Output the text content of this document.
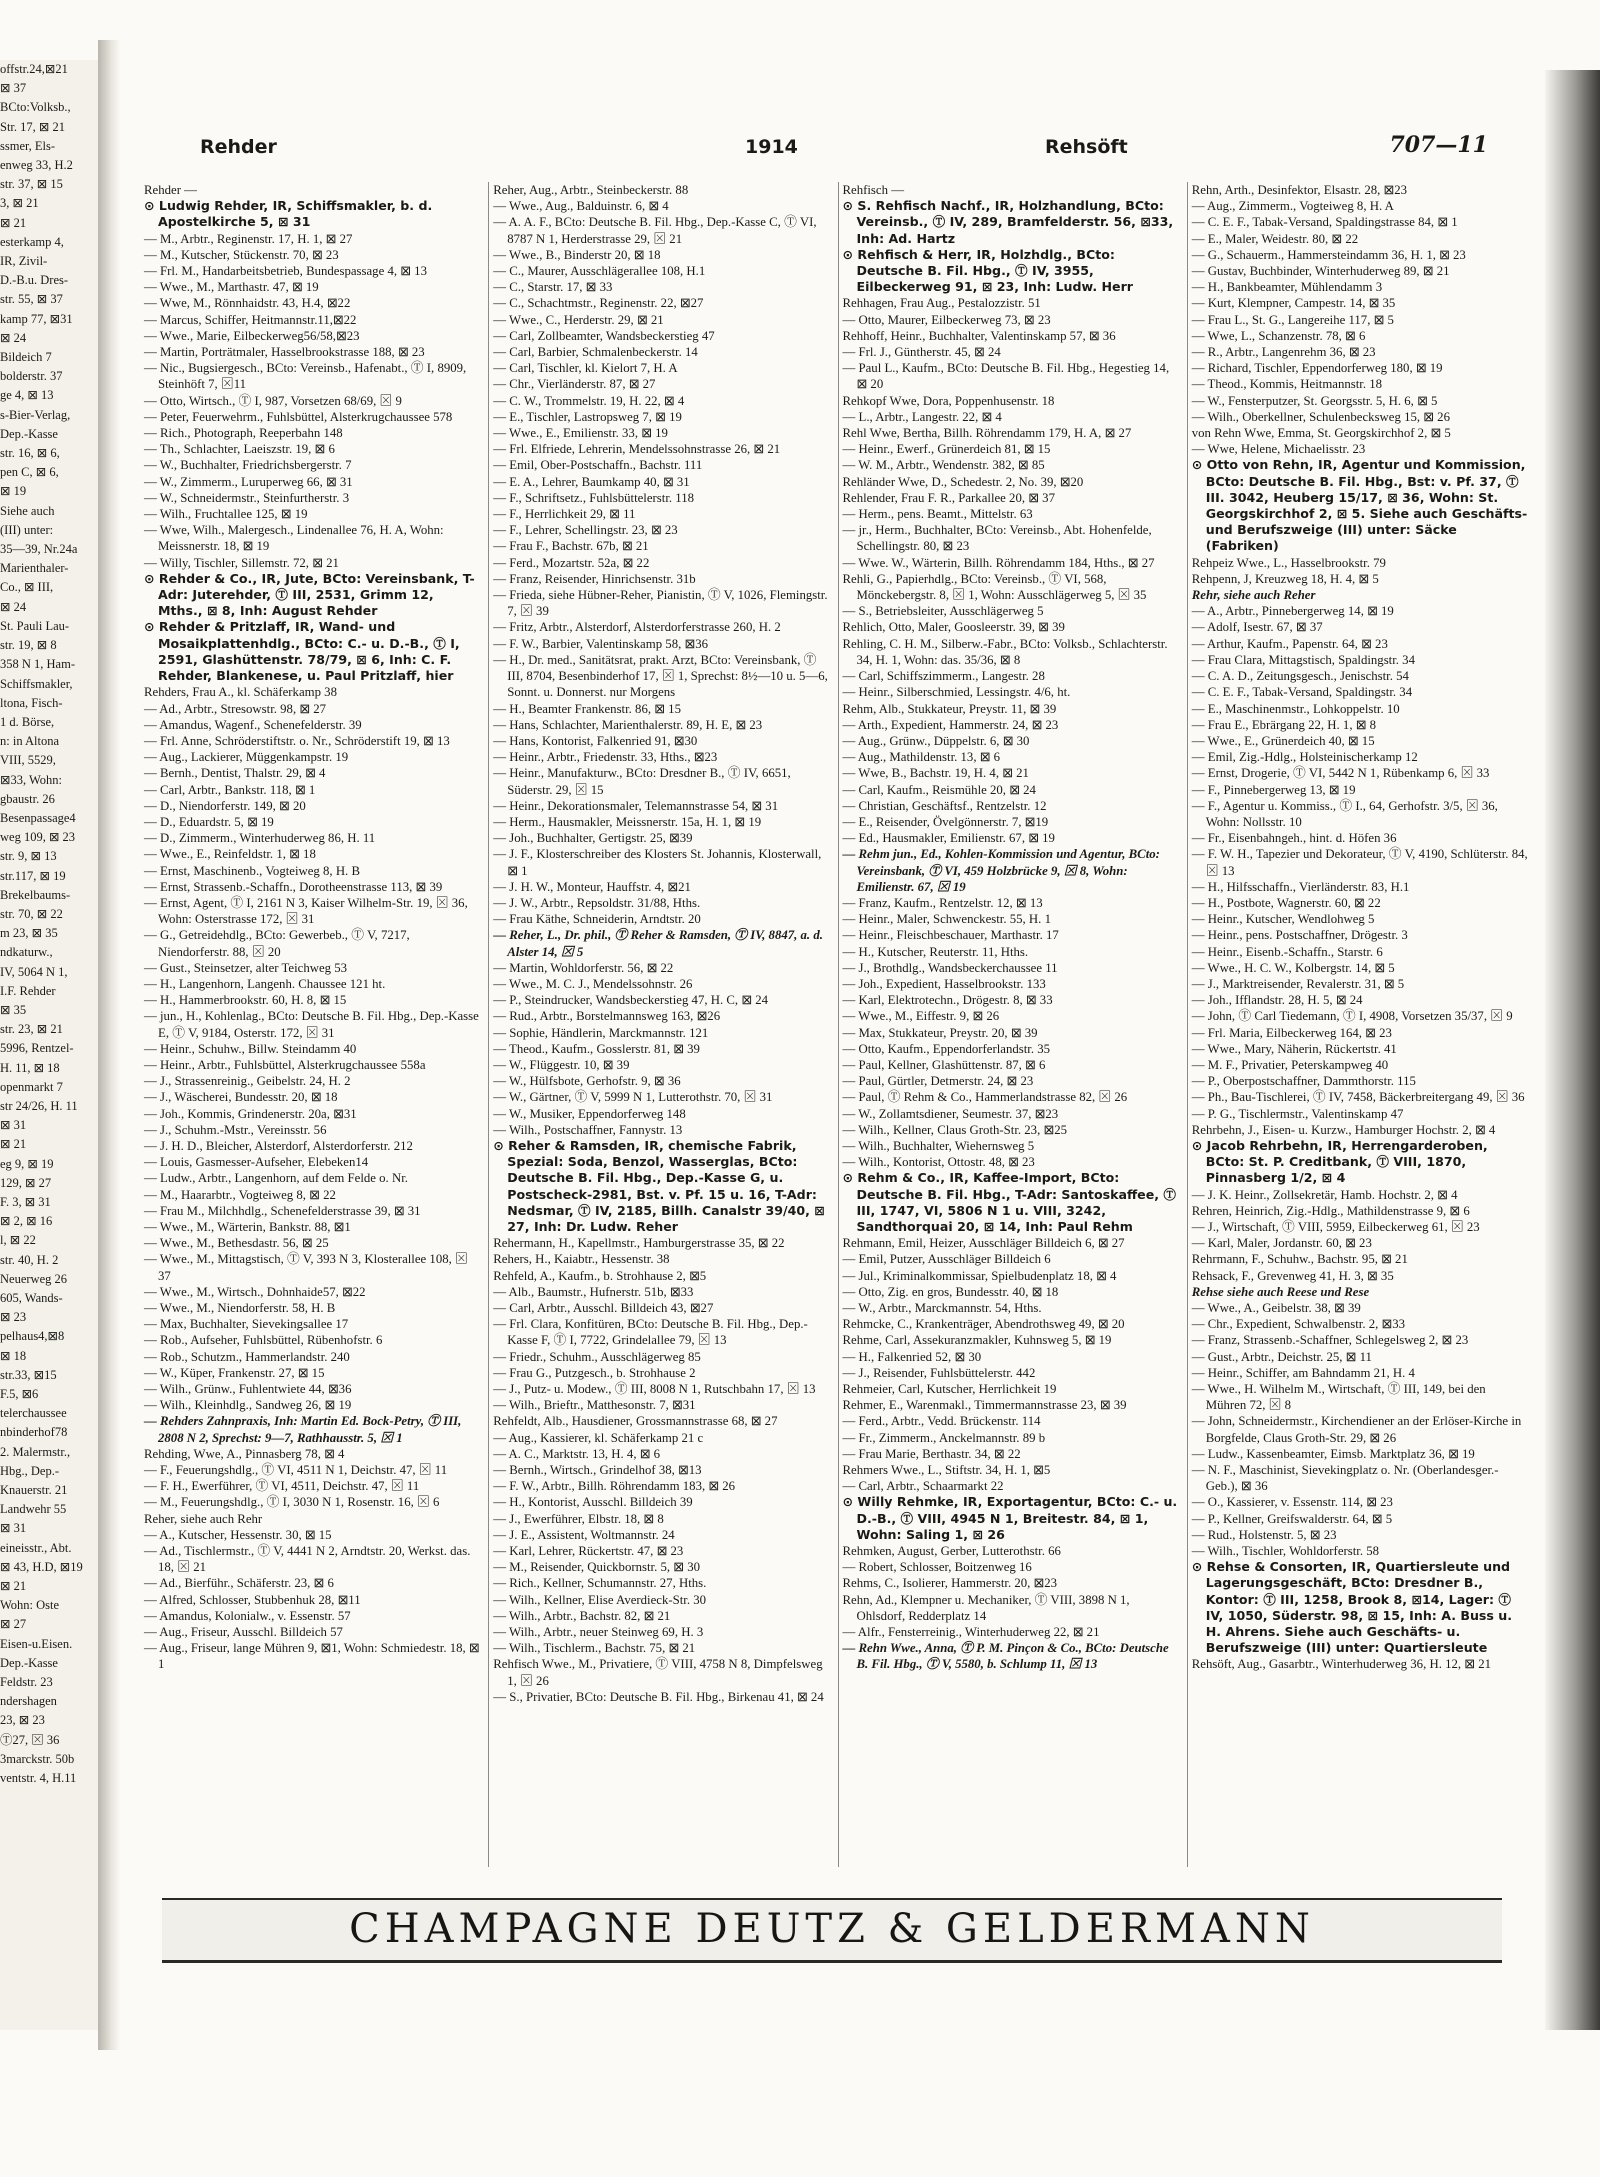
offstr.24,⊠21
⊠ 37
BCto:Volksb.,
Str. 17, ⊠ 21
ssmer, Els-
enweg 33, H.2
str. 37, ⊠ 15
3, ⊠ 21
⊠ 21
esterkamp 4,
IR, Zivil-
D.-B.u. Dres-
str. 55, ⊠ 37
kamp 77, ⊠31
⊠ 24
Bildeich 7
bolderstr. 37
ge 4, ⊠ 13
s-Bier-Verlag,
Dep.-Kasse
str. 16, ⊠ 6,
pen C, ⊠ 6,
⊠ 19
Siehe auch
(III) unter:
35—39, Nr.24a
Marienthaler-
Co., ⊠ III,
⊠ 24
St. Pauli Lau-
str. 19, ⊠ 8
358 N 1, Ham-
Schiffsmakler,
ltona, Fisch-
1 d. Börse,
n: in Altona
VIII, 5529,
⊠33, Wohn:
gbaustr. 26
Besenpassage4
weg 109, ⊠ 23
str. 9, ⊠ 13
str.117, ⊠ 19
Brekelbaums-
str. 70, ⊠ 22
m 23, ⊠ 35
ndkaturw.,
IV, 5064 N 1,
I.F. Rehder
⊠ 35
str. 23, ⊠ 21
5996, Rentzel-
H. 11, ⊠ 18
openmarkt 7
str 24/26, H. 11
⊠ 31
⊠ 21
eg 9, ⊠ 19
129, ⊠ 27
F. 3, ⊠ 31
⊠ 2, ⊠ 16
l, ⊠ 22
str. 40, H. 2
Neuerweg 26
605, Wands-
⊠ 23
pelhaus4,⊠8
⊠ 18
str.33, ⊠15
F.5, ⊠6
telerchaussee
nbinderhof78
2. Malermstr.,
Hbg., Dep.-
Knauerstr. 21
Landwehr 55
⊠ 31
eineisstr., Abt.
⊠ 43, H.D, ⊠19
⊠ 21
Wohn: Oste
⊠ 27
Eisen-u.Eisen.
Dep.-Kasse
Feldstr. 23
ndershagen
23, ⊠ 23
Ⓣ27, ⊠ 36
3marckstr. 50b
ventstr. 4, H.11
Rehder	1914	Rehsöft	707—11

Rehder —

⊙ Ludwig Rehder, IR, Schiffsmakler, b. d. Apostelkirche 5, ⊠ 31

— M., Arbtr., Reginenstr. 17, H. 1, ⊠ 27

— M., Kutscher, Stückenstr. 70, ⊠ 23

— Frl. M., Handarbeitsbetrieb, Bundespassage 4, ⊠ 13

— Wwe., M., Marthastr. 47, ⊠ 19

— Wwe, M., Rönnhaidstr. 43, H.4, ⊠22

— Marcus, Schiffer, Heitmannstr.11,⊠22

— Wwe., Marie, Eilbeckerweg56/58,⊠23

— Martin, Porträtmaler, Hasselbrookstrasse 188, ⊠ 23

— Nic., Bugsiergesch., BCto: Vereinsb., Hafenabt., Ⓣ I, 8909, Steinhöft 7, ⊠11

— Otto, Wirtsch., Ⓣ I, 987, Vorsetzen 68/69, ⊠ 9

— Peter, Feuerwehrm., Fuhlsbüttel, Alsterkrugchaussee 578

— Rich., Photograph, Reeperbahn 148

— Th., Schlachter, Laeiszstr. 19, ⊠ 6

— W., Buchhalter, Friedrichsbergerstr. 7

— W., Zimmerm., Luruperweg 66, ⊠ 31

— W., Schneidermstr., Steinfurtherstr. 3

— Wilh., Fruchtallee 125, ⊠ 19

— Wwe, Wilh., Malergesch., Lindenallee 76, H. A, Wohn: Meissnerstr. 18, ⊠ 19

— Willy, Tischler, Sillemstr. 72, ⊠ 21

⊙ Rehder & Co., IR, Jute, BCto: Vereinsbank, T-Adr: Juterehder, Ⓣ III, 2531, Grimm 12, Mths., ⊠ 8, Inh: August Rehder

⊙ Rehder & Pritzlaff, IR, Wand- und Mosaikplattenhdlg., BCto: C.- u. D.-B., Ⓣ I, 2591, Glashüttenstr. 78/79, ⊠ 6, Inh: C. F. Rehder, Blankenese, u. Paul Pritzlaff, hier

Rehders, Frau A., kl. Schäferkamp 38

— Ad., Arbtr., Stresowstr. 98, ⊠ 27

— Amandus, Wagenf., Schenefelderstr. 39

— Frl. Anne, Schröderstiftstr. o. Nr., Schröderstift 19, ⊠ 13

— Aug., Lackierer, Müggenkampstr. 19

— Bernh., Dentist, Thalstr. 29, ⊠ 4

— Carl, Arbtr., Bankstr. 118, ⊠ 1

— D., Niendorferstr. 149, ⊠ 20

— D., Eduardstr. 5, ⊠ 19

— D., Zimmerm., Winterhuderweg 86, H. 11

— Wwe., E., Reinfeldstr. 1, ⊠ 18

— Ernst, Maschinenb., Vogteiweg 8, H. B

— Ernst, Strassenb.-Schaffn., Dorotheenstrasse 113, ⊠ 39

— Ernst, Agent, Ⓣ I, 2161 N 3, Kaiser Wilhelm-Str. 19, ⊠ 36, Wohn: Osterstrasse 172, ⊠ 31

— G., Getreidehdlg., BCto: Gewerbeb., Ⓣ V, 7217, Niendorferstr. 88, ⊠ 20

— Gust., Steinsetzer, alter Teichweg 53

— H., Langenhorn, Langenh. Chaussee 121 ht.

— H., Hammerbrookstr. 60, H. 8, ⊠ 15

— jun., H., Kohlenlag., BCto: Deutsche B. Fil. Hbg., Dep.-Kasse E, Ⓣ V, 9184, Osterstr. 172, ⊠ 31

— Heinr., Schuhw., Billw. Steindamm 40

— Heinr., Arbtr., Fuhlsbüttel, Alsterkrugchaussee 558a

— J., Strassenreinig., Geibelstr. 24, H. 2

— J., Wäscherei, Bundesstr. 20, ⊠ 18

— Joh., Kommis, Grindenerstr. 20a, ⊠31

— J., Schuhm.-Mstr., Vereinsstr. 56

— J. H. D., Bleicher, Alsterdorf, Alsterdorferstr. 212

— Louis, Gasmesser-Aufseher, Elebeken14

— Ludw., Arbtr., Langenhorn, auf dem Felde o. Nr.

— M., Haararbtr., Vogteiweg 8, ⊠ 22

— Frau M., Milchhdlg., Schenefelderstrasse 39, ⊠ 31

— Wwe., M., Wärterin, Bankstr. 88, ⊠1

— Wwe., M., Bethesdastr. 56, ⊠ 25

— Wwe., M., Mittagstisch, Ⓣ V, 393 N 3, Klosterallee 108, ⊠ 37

— Wwe., M., Wirtsch., Dohnhaide57, ⊠22

— Wwe., M., Niendorferstr. 58, H. B

— Max, Buchhalter, Sievekingsallee 17

— Rob., Aufseher, Fuhlsbüttel, Rübenhofstr. 6

— Rob., Schutzm., Hammerlandstr. 240

— W., Küper, Frankenstr. 27, ⊠ 15

— Wilh., Grünw., Fuhlentwiete 44, ⊠36

— Wilh., Kleinhdlg., Sandweg 26, ⊠ 19

— Rehders Zahnpraxis, Inh: Martin Ed. Bock-Petry, Ⓣ III, 2808 N 2, Sprechst: 9—7, Rathhausstr. 5, ⊠ 1

Rehding, Wwe, A., Pinnasberg 78, ⊠ 4

— F., Feuerungshdlg., Ⓣ VI, 4511 N 1, Deichstr. 47, ⊠ 11

— F. H., Ewerführer, Ⓣ VI, 4511, Deichstr. 47, ⊠ 11

— M., Feuerungshdlg., Ⓣ I, 3030 N 1, Rosenstr. 16, ⊠ 6

Reher, siehe auch Rehr

— A., Kutscher, Hessenstr. 30, ⊠ 15

— Ad., Tischlermstr., Ⓣ V, 4441 N 2, Arndtstr. 20, Werkst. das. 18, ⊠ 21

— Ad., Bierführ., Schäferstr. 23, ⊠ 6

— Alfred, Schlosser, Stubbenhuk 28, ⊠11

— Amandus, Kolonialw., v. Essenstr. 57

— Aug., Friseur, Ausschl. Billdeich 57

— Aug., Friseur, lange Mühren 9, ⊠1, Wohn: Schmiedestr. 18, ⊠ 1

Reher, Aug., Arbtr., Steinbeckerstr. 88

— Wwe., Aug., Balduinstr. 6, ⊠ 4

— A. A. F., BCto: Deutsche B. Fil. Hbg., Dep.-Kasse C, Ⓣ VI, 8787 N 1, Herderstrasse 29, ⊠ 21

— Wwe., B., Binderstr 20, ⊠ 18

— C., Maurer, Ausschlägerallee 108, H.1

— C., Starstr. 17, ⊠ 33

— C., Schachtmstr., Reginenstr. 22, ⊠27

— Wwe., C., Herderstr. 29, ⊠ 21

— Carl, Zollbeamter, Wandsbeckerstieg 47

— Carl, Barbier, Schmalenbeckerstr. 14

— Carl, Tischler, kl. Kielort 7, H. A

— Chr., Vierländerstr. 87, ⊠ 27

— C. W., Trommelstr. 19, H. 22, ⊠ 4

— E., Tischler, Lastropsweg 7, ⊠ 19

— Wwe., E., Emilienstr. 33, ⊠ 19

— Frl. Elfriede, Lehrerin, Mendelssohnstrasse 26, ⊠ 21

— Emil, Ober-Postschaffn., Bachstr. 111

— E. A., Lehrer, Baumkamp 40, ⊠ 31

— F., Schriftsetz., Fuhlsbüttelerstr. 118

— F., Herrlichkeit 29, ⊠ 11

— F., Lehrer, Schellingstr. 23, ⊠ 23

— Frau F., Bachstr. 67b, ⊠ 21

— Ferd., Mozartstr. 52a, ⊠ 22

— Franz, Reisender, Hinrichsenstr. 31b

— Frieda, siehe Hübner-Reher, Pianistin, Ⓣ V, 1026, Flemingstr. 7, ⊠ 39

— Fritz, Arbtr., Alsterdorf, Alsterdorferstrasse 260, H. 2

— F. W., Barbier, Valentinskamp 58, ⊠36

— H., Dr. med., Sanitätsrat, prakt. Arzt, BCto: Vereinsbank, Ⓣ III, 8704, Besenbinderhof 17, ⊠ 1, Sprechst: 8½—10 u. 5—6, Sonnt. u. Donnerst. nur Morgens

— H., Beamter Frankenstr. 86, ⊠ 15

— Hans, Schlachter, Marienthalerstr. 89, H. E, ⊠ 23

— Hans, Kontorist, Falkenried 91, ⊠30

— Heinr., Arbtr., Friedenstr. 33, Hths., ⊠23

— Heinr., Manufakturw., BCto: Dresdner B., Ⓣ IV, 6651, Süderstr. 29, ⊠ 15

— Heinr., Dekorationsmaler, Telemannstrasse 54, ⊠ 31

— Herm., Hausmakler, Meissnerstr. 15a, H. 1, ⊠ 19

— Joh., Buchhalter, Gertigstr. 25, ⊠39

— J. F., Klosterschreiber des Klosters St. Johannis, Klosterwall, ⊠ 1

— J. H. W., Monteur, Hauffstr. 4, ⊠21

— J. W., Arbtr., Repsoldstr. 31/88, Hths.

— Frau Käthe, Schneiderin, Arndtstr. 20

— Reher, L., Dr. phil., Ⓣ Reher & Ramsden, Ⓣ IV, 8847, a. d. Alster 14, ⊠ 5

— Martin, Wohldorferstr. 56, ⊠ 22

— Wwe., M. C. J., Mendelssohnstr. 26

— P., Steindrucker, Wandsbeckerstieg 47, H. C, ⊠ 24

— Rud., Arbtr., Borstelmannsweg 163, ⊠26

— Sophie, Händlerin, Marckmannstr. 121

— Theod., Kaufm., Gosslerstr. 81, ⊠ 39

— W., Flüggestr. 10, ⊠ 39

— W., Hülfsbote, Gerhofstr. 9, ⊠ 36

— W., Gärtner, Ⓣ V, 5999 N 1, Lutterothstr. 70, ⊠ 31

— W., Musiker, Eppendorferweg 148

— Wilh., Postschaffner, Fannystr. 13

⊙ Reher & Ramsden, IR, chemische Fabrik, Spezial: Soda, Benzol, Wasserglas, BCto: Deutsche B. Fil. Hbg., Dep.-Kasse G, u. Postscheck-2981, Bst. v. Pf. 15 u. 16, T-Adr: Nedsmar, Ⓣ IV, 2185, Billh. Canalstr 39/40, ⊠ 27, Inh: Dr. Ludw. Reher

Rehermann, H., Kapellmstr., Hamburgerstrasse 35, ⊠ 22

Rehers, H., Kaiabtr., Hessenstr. 38

Rehfeld, A., Kaufm., b. Strohhause 2, ⊠5

— Alb., Baumstr., Hufnerstr. 51b, ⊠33

— Carl, Arbtr., Ausschl. Billdeich 43, ⊠27

— Frl. Clara, Konfitüren, BCto: Deutsche B. Fil. Hbg., Dep.-Kasse F, Ⓣ I, 7722, Grindelallee 79, ⊠ 13

— Friedr., Schuhm., Ausschlägerweg 85

— Frau G., Putzgesch., b. Strohhause 2

— J., Putz- u. Modew., Ⓣ III, 8008 N 1, Rutschbahn 17, ⊠ 13

— Wilh., Brieftr., Matthesonstr. 7, ⊠31

Rehfeldt, Alb., Hausdiener, Grossmannstrasse 68, ⊠ 27

— Aug., Kassierer, kl. Schäferkamp 21 c

— A. C., Marktstr. 13, H. 4, ⊠ 6

— Bernh., Wirtsch., Grindelhof 38, ⊠13

— F. W., Arbtr., Billh. Röhrendamm 183, ⊠ 26

— H., Kontorist, Ausschl. Billdeich 39

— J., Ewerführer, Elbstr. 18, ⊠ 8

— J. E., Assistent, Woltmannstr. 24

— Karl, Lehrer, Rückertstr. 47, ⊠ 23

— M., Reisender, Quickbornstr. 5, ⊠ 30

— Rich., Kellner, Schumannstr. 27, Hths.

— Wilh., Kellner, Elise Averdieck-Str. 30

— Wilh., Arbtr., Bachstr. 82, ⊠ 21

— Wilh., Arbtr., neuer Steinweg 69, H. 3

— Wilh., Tischlerm., Bachstr. 75, ⊠ 21

Rehfisch Wwe., M., Privatiere, Ⓣ VIII, 4758 N 8, Dimpfelsweg 1, ⊠ 26

— S., Privatier, BCto: Deutsche B. Fil. Hbg., Birkenau 41, ⊠ 24

Rehfisch —

⊙ S. Rehfisch Nachf., IR, Holzhandlung, BCto: Vereinsb., Ⓣ IV, 289, Bramfelderstr. 56, ⊠33, Inh: Ad. Hartz

⊙ Rehfisch & Herr, IR, Holzhdlg., BCto: Deutsche B. Fil. Hbg., Ⓣ IV, 3955, Eilbeckerweg 91, ⊠ 23, Inh: Ludw. Herr

Rehhagen, Frau Aug., Pestalozzistr. 51

— Otto, Maurer, Eilbeckerweg 73, ⊠ 23

Rehhoff, Heinr., Buchhalter, Valentinskamp 57, ⊠ 36

— Frl. J., Güntherstr. 45, ⊠ 24

— Paul L., Kaufm., BCto: Deutsche B. Fil. Hbg., Hegestieg 14, ⊠ 20

Rehkopf Wwe, Dora, Poppenhusenstr. 18

— L., Arbtr., Langestr. 22, ⊠ 4

Rehl Wwe, Bertha, Billh. Röhrendamm 179, H. A, ⊠ 27

— Heinr., Ewerf., Grünerdeich 81, ⊠ 15

— W. M., Arbtr., Wendenstr. 382, ⊠ 85

Rehländer Wwe, D., Schedestr. 2, No. 39, ⊠20

Rehlender, Frau F. R., Parkallee 20, ⊠ 37

— Herm., pens. Beamt., Mittelstr. 63

— jr., Herm., Buchhalter, BCto: Vereinsb., Abt. Hohenfelde, Schellingstr. 80, ⊠ 23

— Wwe. W., Wärterin, Billh. Röhrendamm 184, Hths., ⊠ 27

Rehli, G., Papierhdlg., BCto: Vereinsb., Ⓣ VI, 568, Mönckebergstr. 8, ⊠ 1, Wohn: Ausschlägerweg 5, ⊠ 35

— S., Betriebsleiter, Ausschlägerweg 5

Rehlich, Otto, Maler, Goosleerstr. 39, ⊠ 39

Rehling, C. H. M., Silberw.-Fabr., BCto: Volksb., Schlachterstr. 34, H. 1, Wohn: das. 35/36, ⊠ 8

— Carl, Schiffszimmerm., Langestr. 28

— Heinr., Silberschmied, Lessingstr. 4/6, ht.

Rehm, Alb., Stukkateur, Preystr. 11, ⊠ 39

— Arth., Expedient, Hammerstr. 24, ⊠ 23

— Aug., Grünw., Düppelstr. 6, ⊠ 30

— Aug., Mathildenstr. 13, ⊠ 6

— Wwe, B., Bachstr. 19, H. 4, ⊠ 21

— Carl, Kaufm., Reismühle 20, ⊠ 24

— Christian, Geschäftsf., Rentzelstr. 12

— E., Reisender, Övelgönnerstr. 7, ⊠19

— Ed., Hausmakler, Emilienstr. 67, ⊠ 19

— Rehm jun., Ed., Kohlen-Kommission und Agentur, BCto: Vereinsbank, Ⓣ VI, 459 Holzbrücke 9, ⊠ 8, Wohn: Emilienstr. 67, ⊠ 19

— Franz, Kaufm., Rentzelstr. 12, ⊠ 13

— Heinr., Maler, Schwenckestr. 55, H. 1

— Heinr., Fleischbeschauer, Marthastr. 17

— H., Kutscher, Reuterstr. 11, Hths.

— J., Brothdlg., Wandsbeckerchaussee 11

— Joh., Expedient, Hasselbrookstr. 133

— Karl, Elektrotechn., Drögestr. 8, ⊠ 33

— Wwe., M., Eiffestr. 9, ⊠ 26

— Max, Stukkateur, Preystr. 20, ⊠ 39

— Otto, Kaufm., Eppendorferlandstr. 35

— Paul, Kellner, Glashüttenstr. 87, ⊠ 6

— Paul, Gürtler, Detmerstr. 24, ⊠ 23

— Paul, Ⓣ Rehm & Co., Hammerlandstrasse 82, ⊠ 26

— W., Zollamtsdiener, Seumestr. 37, ⊠23

— Wilh., Kellner, Claus Groth-Str. 23, ⊠25

— Wilh., Buchhalter, Wiehernsweg 5

— Wilh., Kontorist, Ottostr. 48, ⊠ 23

⊙ Rehm & Co., IR, Kaffee-Import, BCto: Deutsche B. Fil. Hbg., T-Adr: Santoskaffee, Ⓣ III, 1747, VI, 5806 N 1 u. VIII, 3242, Sandthorquai 20, ⊠ 14, Inh: Paul Rehm

Rehmann, Emil, Heizer, Ausschläger Billdeich 6, ⊠ 27

— Emil, Putzer, Ausschläger Billdeich 6

— Jul., Kriminalkommissar, Spielbudenplatz 18, ⊠ 4

— Otto, Zig. en gros, Bundesstr. 40, ⊠ 18

— W., Arbtr., Marckmannstr. 54, Hths.

Rehmcke, C., Krankenträger, Abendrothsweg 49, ⊠ 20

Rehme, Carl, Assekuranzmakler, Kuhnsweg 5, ⊠ 19

— H., Falkenried 52, ⊠ 30

— J., Reisender, Fuhlsbüttelerstr. 442

Rehmeier, Carl, Kutscher, Herrlichkeit 19

Rehmer, E., Warenmakl., Timmermannstrasse 23, ⊠ 39

— Ferd., Arbtr., Vedd. Brückenstr. 114

— Fr., Zimmerm., Anckelmannstr. 89 b

— Frau Marie, Berthastr. 34, ⊠ 22

Rehmers Wwe., L., Stiftstr. 34, H. 1, ⊠5

— Carl, Arbtr., Schaarmarkt 22

⊙ Willy Rehmke, IR, Exportagentur, BCto: C.- u. D.-B., Ⓣ VIII, 4945 N 1, Breitestr. 84, ⊠ 1, Wohn: Saling 1, ⊠ 26

Rehmken, August, Gerber, Lutterothstr. 66

— Robert, Schlosser, Boitzenweg 16

Rehms, C., Isolierer, Hammerstr. 20, ⊠23

Rehn, Ad., Klempner u. Mechaniker, Ⓣ VIII, 3898 N 1, Ohlsdorf, Redderplatz 14

— Alfr., Fensterreinig., Winterhuderweg 22, ⊠ 21

— Rehn Wwe., Anna, Ⓣ P. M. Pinçon & Co., BCto: Deutsche B. Fil. Hbg., Ⓣ V, 5580, b. Schlump 11, ⊠ 13

Rehn, Arth., Desinfektor, Elsastr. 28, ⊠23

— Aug., Zimmerm., Vogteiweg 8, H. A

— C. E. F., Tabak-Versand, Spaldingstrasse 84, ⊠ 1

— E., Maler, Weidestr. 80, ⊠ 22

— G., Schauerm., Hammersteindamm 36, H. 1, ⊠ 23

— Gustav, Buchbinder, Winterhuderweg 89, ⊠ 21

— H., Bankbeamter, Mühlendamm 3

— Kurt, Klempner, Campestr. 14, ⊠ 35

— Frau L., St. G., Langereihe 117, ⊠ 5

— Wwe, L., Schanzenstr. 78, ⊠ 6

— R., Arbtr., Langenrehm 36, ⊠ 23

— Richard, Tischler, Eppendorferweg 180, ⊠ 19

— Theod., Kommis, Heitmannstr. 18

— W., Fensterputzer, St. Georgsstr. 5, H. 6, ⊠ 5

— Wilh., Oberkellner, Schulenbecksweg 15, ⊠ 26

von Rehn Wwe, Emma, St. Georgskirchhof 2, ⊠ 5

— Wwe, Helene, Michaelisstr. 23

⊙ Otto von Rehn, IR, Agentur und Kommission, BCto: Deutsche B. Fil. Hbg., Bst: v. Pf. 37, Ⓣ III. 3042, Heuberg 15/17, ⊠ 36, Wohn: St. Georgskirchhof 2, ⊠ 5. Siehe auch Geschäfts- und Berufszweige (III) unter: Säcke (Fabriken)

Rehpeiz Wwe., L., Hasselbrookstr. 79

Rehpenn, J, Kreuzweg 18, H. 4, ⊠ 5

Rehr, siehe auch Reher

— A., Arbtr., Pinnebergerweg 14, ⊠ 19

— Adolf, Isestr. 67, ⊠ 37

— Arthur, Kaufm., Papenstr. 64, ⊠ 23

— Frau Clara, Mittagstisch, Spaldingstr. 34

— C. A. D., Zeitungsgesch., Jenischstr. 54

— C. E. F., Tabak-Versand, Spaldingstr. 34

— E., Maschinenmstr., Lohkoppelstr. 10

— Frau E., Ebrärgang 22, H. 1, ⊠ 8

— Wwe., E., Grünerdeich 40, ⊠ 15

— Emil, Zig.-Hdlg., Holsteinischerkamp 12

— Ernst, Drogerie, Ⓣ VI, 5442 N 1, Rübenkamp 6, ⊠ 33

— F., Pinnebergerweg 13, ⊠ 19

— F., Agentur u. Kommiss., Ⓣ I., 64, Gerhofstr. 3/5, ⊠ 36, Wohn: Nollsstr. 10

— Fr., Eisenbahngeh., hint. d. Höfen 36

— F. W. H., Tapezier und Dekorateur, Ⓣ V, 4190, Schlüterstr. 84, ⊠ 13

— H., Hilfsschaffn., Vierländerstr. 83, H.1

— H., Postbote, Wagnerstr. 60, ⊠ 22

— Heinr., Kutscher, Wendlohweg 5

— Heinr., pens. Postschaffner, Drögestr. 3

— Heinr., Eisenb.-Schaffn., Starstr. 6

— Wwe., H. C. W., Kolbergstr. 14, ⊠ 5

— J., Marktreisender, Revalerstr. 31, ⊠ 5

— Joh., Ifflandstr. 28, H. 5, ⊠ 24

— John, Ⓣ Carl Tiedemann, Ⓣ I, 4908, Vorsetzen 35/37, ⊠ 9

— Frl. Maria, Eilbeckerweg 164, ⊠ 23

— Wwe., Mary, Näherin, Rückertstr. 41

— M. F., Privatier, Peterskampweg 40

— P., Oberpostschaffner, Dammthorstr. 115

— Ph., Bau-Tischlerei, Ⓣ IV, 7458, Bäckerbreitergang 49, ⊠ 36

— P. G., Tischlermstr., Valentinskamp 47

Rehrbehn, J., Eisen- u. Kurzw., Hamburger Hochstr. 2, ⊠ 4

⊙ Jacob Rehrbehn, IR, Herrengarderoben, BCto: St. P. Creditbank, Ⓣ VIII, 1870, Pinnasberg 1/2, ⊠ 4

— J. K. Heinr., Zollsekretär, Hamb. Hochstr. 2, ⊠ 4

Rehren, Heinrich, Zig.-Hdlg., Mathildenstrasse 9, ⊠ 6

— J., Wirtschaft, Ⓣ VIII, 5959, Eilbeckerweg 61, ⊠ 23

— Karl, Maler, Jordanstr. 60, ⊠ 23

Rehrmann, F., Schuhw., Bachstr. 95, ⊠ 21

Rehsack, F., Grevenweg 41, H. 3, ⊠ 35

Rehse siehe auch Reese und Rese

— Wwe., A., Geibelstr. 38, ⊠ 39

— Chr., Expedient, Schwalbenstr. 2, ⊠33

— Franz, Strassenb.-Schaffner, Schlegelsweg 2, ⊠ 23

— Gust., Arbtr., Deichstr. 25, ⊠ 11

— Heinr., Schiffer, am Bahndamm 21, H. 4

— Wwe., H. Wilhelm M., Wirtschaft, Ⓣ III, 149, bei den Mühren 72, ⊠ 8

— John, Schneidermstr., Kirchendiener an der Erlöser-Kirche in Borgfelde, Claus Groth-Str. 29, ⊠ 26

— Ludw., Kassenbeamter, Eimsb. Marktplatz 36, ⊠ 19

— N. F., Maschinist, Sievekingplatz o. Nr. (Oberlandesger.-Geb.), ⊠ 36

— O., Kassierer, v. Essenstr. 114, ⊠ 23

— P., Kellner, Greifswalderstr. 64, ⊠ 5

— Rud., Holstenstr. 5, ⊠ 23

— Wilh., Tischler, Wohldorferstr. 58

⊙ Rehse & Consorten, IR, Quartiersleute und Lagerungsgeschäft, BCto: Dresdner B., Kontor: Ⓣ III, 1258, Brook 8, ⊠14, Lager: Ⓣ IV, 1050, Süderstr. 98, ⊠ 15, Inh: A. Buss u. H. Ahrens. Siehe auch Geschäfts- u. Berufszweige (III) unter: Quartiersleute

Rehsöft, Aug., Gasarbtr., Winterhuderweg 36, H. 12, ⊠ 21

CHAMPAGNE DEUTZ & GELDERMANN
